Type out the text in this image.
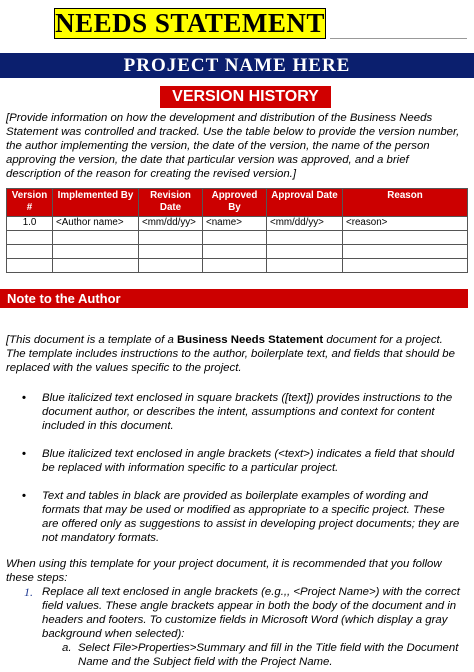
NEEDS STATEMENT
PROJECT NAME HERE
VERSION HISTORY
[Provide information on how the development and distribution of the Business Needs Statement was controlled and tracked. Use the table below to provide the version number, the author implementing the version, the date of the version, the name of the person approving the version, the date that particular version was approved, and a brief description of the reason for creating the revised version.]
Version #	Implemented By	Revision Date	Approved By	Approval Date	Reason
1.0	<Author name>	<mm/dd/yy>	<name>	<mm/dd/yy>	<reason>

Note to the Author
[This document is a template of a Business Needs Statement document for a project. The template includes instructions to the author, boilerplate text, and fields that should be replaced with the values specific to the project.
• Blue italicized text enclosed in square brackets ([text]) provides instructions to the document author, or describes the intent, assumptions and context for content included in this document.
• Blue italicized text enclosed in angle brackets (<text>) indicates a field that should be replaced with information specific to a particular project.
• Text and tables in black are provided as boilerplate examples of wording and formats that may be used or modified as appropriate to a specific project. These are offered only as suggestions to assist in developing project documents; they are not mandatory formats.
When using this template for your project document, it is recommended that you follow these steps:
1. Replace all text enclosed in angle brackets (e.g.,, <Project Name>) with the correct field values. These angle brackets appear in both the body of the document and in headers and footers. To customize fields in Microsoft Word (which display a gray background when selected):
a. Select File>Properties>Summary and fill in the Title field with the Document Name and the Subject field with the Project Name.
